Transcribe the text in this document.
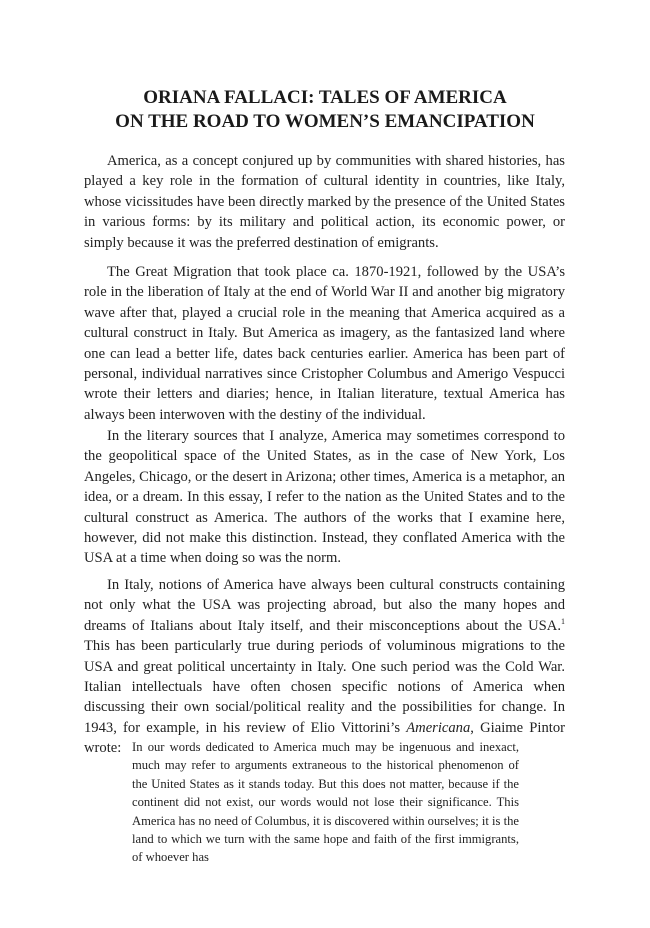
ORIANA FALLACI: TALES OF AMERICA
ON THE ROAD TO WOMEN’S EMANCIPATION

America, as a concept conjured up by communities with shared histories, has played a key role in the formation of cultural identity in countries, like Italy, whose vicissitudes have been directly marked by the presence of the United States in various forms: by its military and political action, its economic power, or simply because it was the preferred destination of emigrants.

The Great Migration that took place ca. 1870-1921, followed by the USA’s role in the liberation of Italy at the end of World War II and another big migratory wave after that, played a crucial role in the meaning that America acquired as a cultural construct in Italy. But America as imagery, as the fantasized land where one can lead a better life, dates back centuries earlier. America has been part of personal, individual narratives since Cristopher Columbus and Amerigo Vespucci wrote their letters and diaries; hence, in Italian literature, textual America has always been interwoven with the destiny of the individual.

In the literary sources that I analyze, America may sometimes correspond to the geopolitical space of the United States, as in the case of New York, Los Angeles, Chicago, or the desert in Arizona; other times, America is a metaphor, an idea, or a dream. In this essay, I refer to the nation as the United States and to the cultural construct as America. The authors of the works that I examine here, however, did not make this distinction. Instead, they conflated America with the USA at a time when doing so was the norm.

In Italy, notions of America have always been cultural constructs containing not only what the USA was projecting abroad, but also the many hopes and dreams of Italians about Italy itself, and their misconceptions about the USA.$^1$ This has been particularly true during periods of voluminous migrations to the USA and great political uncertainty in Italy. One such period was the Cold War. Italian intellectuals have often chosen specific notions of America when discussing their own social/political reality and the possibilities for change. In 1943, for example, in his review of Elio Vittorini’s Americana, Giaime Pintor wrote: In our words dedicated to America much may be ingenuous and inexact, much may refer to arguments extraneous to the historical phenomenon of the United States as it stands today. But this does not matter, because if the continent did not exist, our words would not lose their significance. This America has no need of Columbus, it is discovered within ourselves; it is the land to which we turn with the same hope and faith of the first immigrants, of whoever has
